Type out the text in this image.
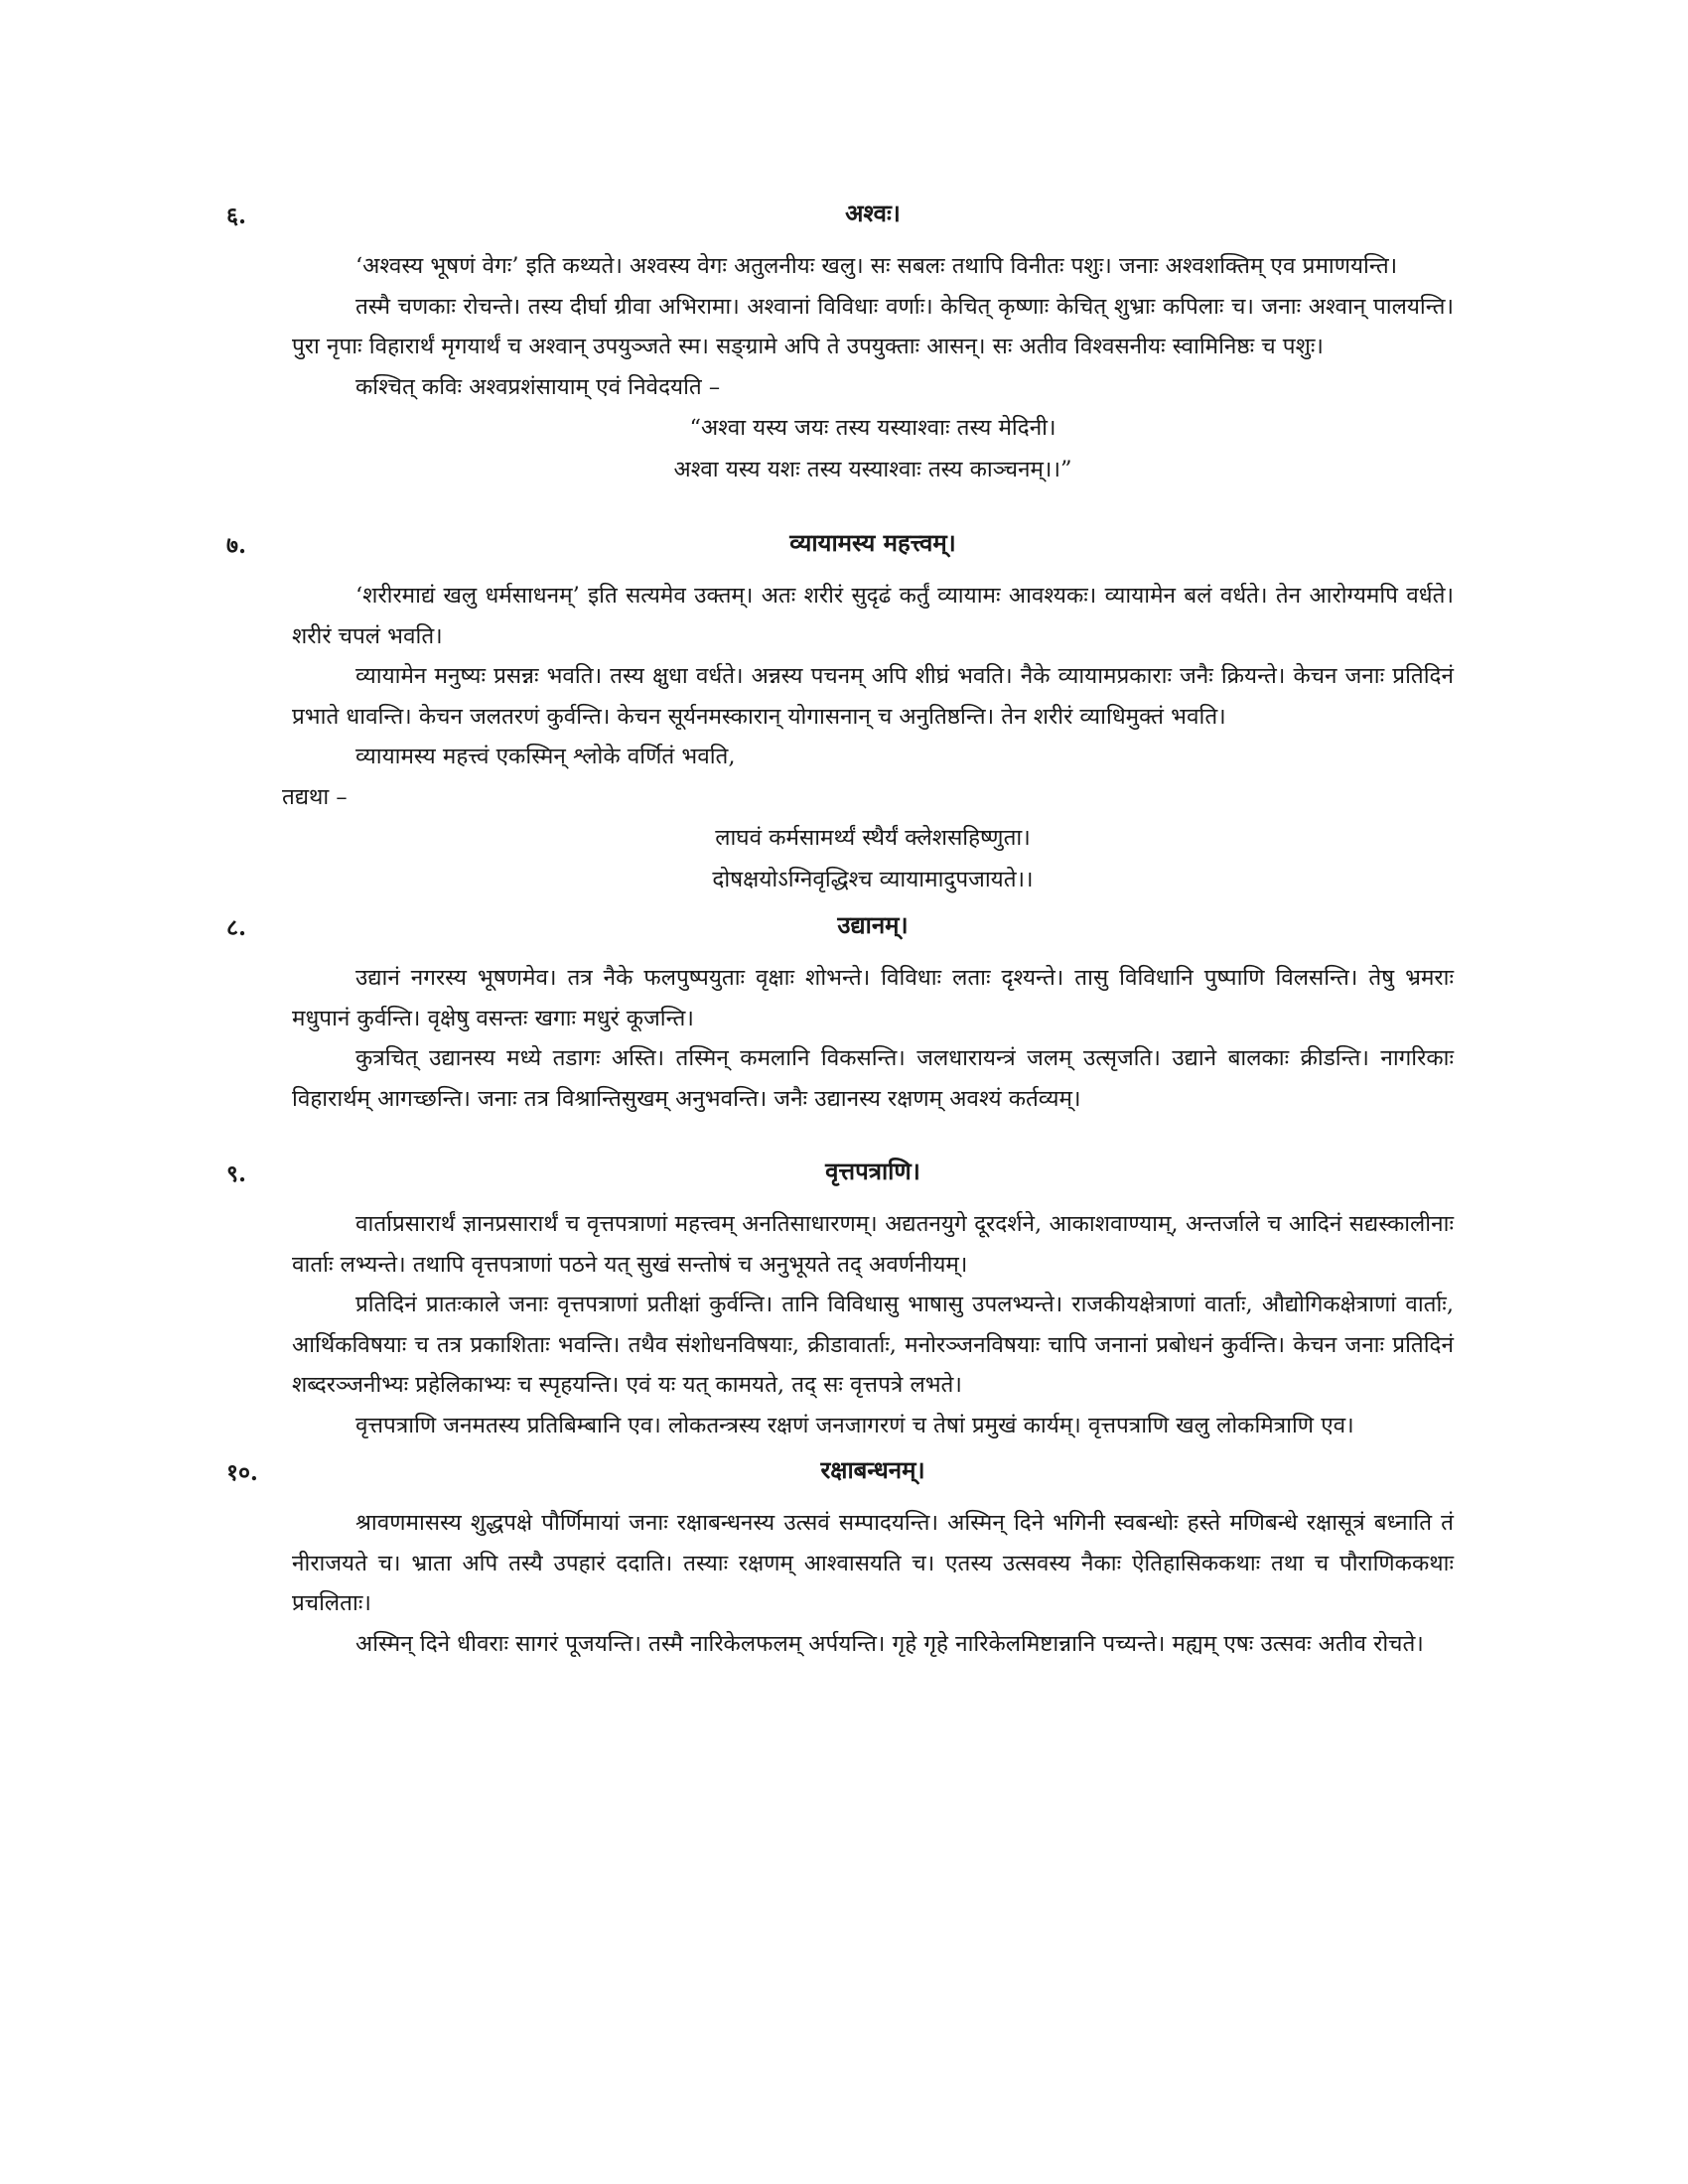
६.	अश्वः।

‘अश्वस्य भूषणं वेगः’ इति कथ्यते। अश्वस्य वेगः अतुलनीयः खलु। सः सबलः तथापि विनीतः पशुः। जनाः अश्वशक्तिम् एव प्रमाणयन्ति।

तस्मै चणकाः रोचन्ते। तस्य दीर्घा ग्रीवा अभिरामा। अश्वानां विविधाः वर्णाः। केचित् कृष्णाः केचित् शुभ्राः कपिलाः च। जनाः अश्वान् पालयन्ति। पुरा नृपाः विहारार्थं मृगयार्थं च अश्वान् उपयुञ्जते स्म। सङ्ग्रामे अपि ते उपयुक्ताः आसन्। सः अतीव विश्वसनीयः स्वामिनिष्ठः च पशुः।

कश्चित् कविः अश्वप्रशंसायाम् एवं निवेदयति –

“अश्वा यस्य जयः तस्य यस्याश्वाः तस्य मेदिनी।
अश्वा यस्य यशः तस्य यस्याश्वाः तस्य काञ्चनम्।।”
७.	व्यायामस्य महत्त्वम्।

‘शरीरमाद्यं खलु धर्मसाधनम्’ इति सत्यमेव उक्तम्। अतः शरीरं सुदृढं कर्तुं व्यायामः आवश्यकः। व्यायामेन बलं वर्धते। तेन आरोग्यमपि वर्धते। शरीरं चपलं भवति।

व्यायामेन मनुष्यः प्रसन्नः भवति। तस्य क्षुधा वर्धते। अन्नस्य पचनम् अपि शीघ्रं भवति। नैके व्यायामप्रकाराः जनैः क्रियन्ते। केचन जनाः प्रतिदिनं प्रभाते धावन्ति। केचन जलतरणं कुर्वन्ति। केचन सूर्यनमस्कारान् योगासनान् च अनुतिष्ठन्ति। तेन शरीरं व्याधिमुक्तं भवति।

व्यायामस्य महत्त्वं एकस्मिन् श्लोके वर्णितं भवति,

तद्यथा –

लाघवं कर्मसामर्थ्यं स्थैर्यं क्लेशसहिष्णुता।
दोषक्षयोऽग्निवृद्धिश्च व्यायामादुपजायते।।
८.	उद्यानम्।

उद्यानं नगरस्य भूषणमेव। तत्र नैके फलपुष्पयुताः वृक्षाः शोभन्ते। विविधाः लताः दृश्यन्ते। तासु विविधानि पुष्पाणि विलसन्ति। तेषु भ्रमराः मधुपानं कुर्वन्ति। वृक्षेषु वसन्तः खगाः मधुरं कूजन्ति।

कुत्रचित् उद्यानस्य मध्ये तडागः अस्ति। तस्मिन् कमलानि विकसन्ति। जलधारायन्त्रं जलम् उत्सृजति। उद्याने बालकाः क्रीडन्ति। नागरिकाः विहारार्थम् आगच्छन्ति। जनाः तत्र विश्रान्तिसुखम् अनुभवन्ति। जनैः उद्यानस्य रक्षणम् अवश्यं कर्तव्यम्।

९.	वृत्तपत्राणि।

वार्ताप्रसारार्थं ज्ञानप्रसारार्थं च वृत्तपत्राणां महत्त्वम् अनतिसाधारणम्। अद्यतनयुगे दूरदर्शने, आकाशवाण्याम्, अन्तर्जाले च आदिनं सद्यस्कालीनाः वार्ताः लभ्यन्ते। तथापि वृत्तपत्राणां पठने यत् सुखं सन्तोषं च अनुभूयते तद् अवर्णनीयम्।

प्रतिदिनं प्रातःकाले जनाः वृत्तपत्राणां प्रतीक्षां कुर्वन्ति। तानि विविधासु भाषासु उपलभ्यन्ते। राजकीयक्षेत्राणां वार्ताः, औद्योगिकक्षेत्राणां वार्ताः, आर्थिकविषयाः च तत्र प्रकाशिताः भवन्ति। तथैव संशोधनविषयाः, क्रीडावार्ताः, मनोरञ्जनविषयाः चापि जनानां प्रबोधनं कुर्वन्ति। केचन जनाः प्रतिदिनं शब्दरञ्जनीभ्यः प्रहेलिकाभ्यः च स्पृहयन्ति। एवं यः यत् कामयते, तद् सः वृत्तपत्रे लभते।

वृत्तपत्राणि जनमतस्य प्रतिबिम्बानि एव। लोकतन्त्रस्य रक्षणं जनजागरणं च तेषां प्रमुखं कार्यम्। वृत्तपत्राणि खलु लोकमित्राणि एव।

१०.	रक्षाबन्धनम्।

श्रावणमासस्य शुद्धपक्षे पौर्णिमायां जनाः रक्षाबन्धनस्य उत्सवं सम्पादयन्ति। अस्मिन् दिने भगिनी स्वबन्धोः हस्ते मणिबन्धे रक्षासूत्रं बध्नाति तं नीराजयते च। भ्राता अपि तस्यै उपहारं ददाति। तस्याः रक्षणम् आश्वासयति च। एतस्य उत्सवस्य नैकाः ऐतिहासिककथाः तथा च पौराणिककथाः प्रचलिताः।

अस्मिन् दिने धीवराः सागरं पूजयन्ति। तस्मै नारिकेलफलम् अर्पयन्ति। गृहे गृहे नारिकेलमिष्टान्नानि पच्यन्ते। मह्यम् एषः उत्सवः अतीव रोचते।
